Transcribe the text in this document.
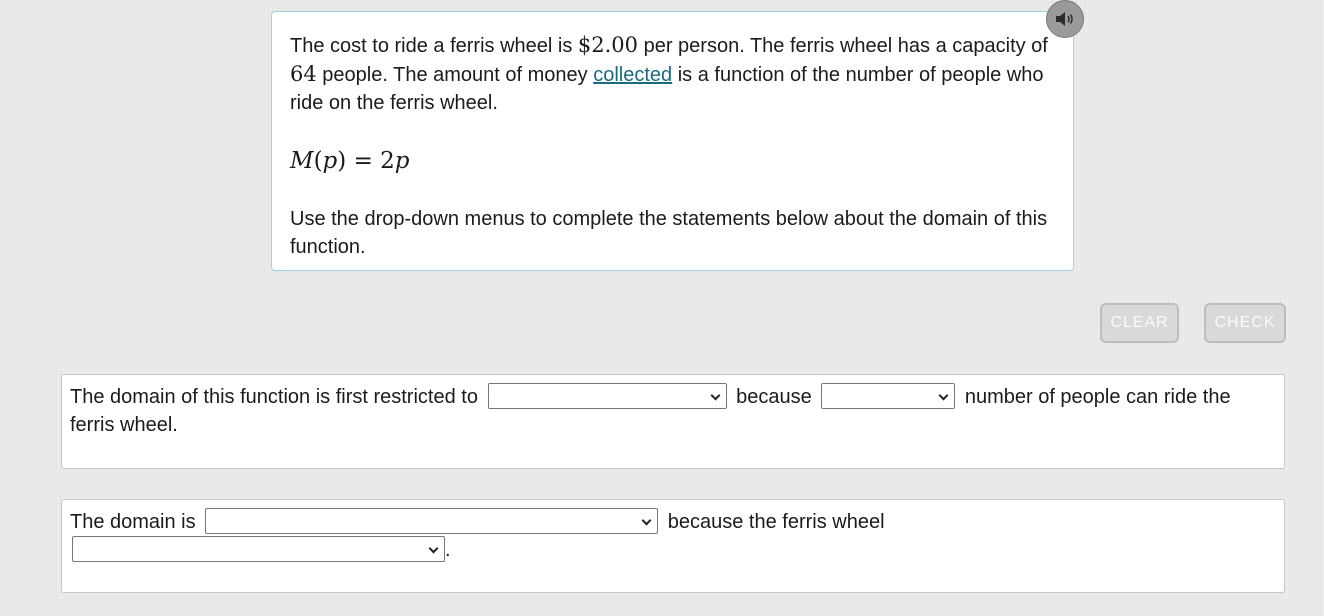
The cost to ride a ferris wheel is $2.00 per person. The ferris wheel has a capacity of 64 people. The amount of money collected is a function of the number of people who ride on the ferris wheel.

M(p) = 2p

Use the drop-down menus to complete the statements below about the domain of this function.

CLEAR	CHECK
The domain of this function is first restricted to	because	number of people can ride the ferris wheel.
The domain is	because the ferris wheel
.
